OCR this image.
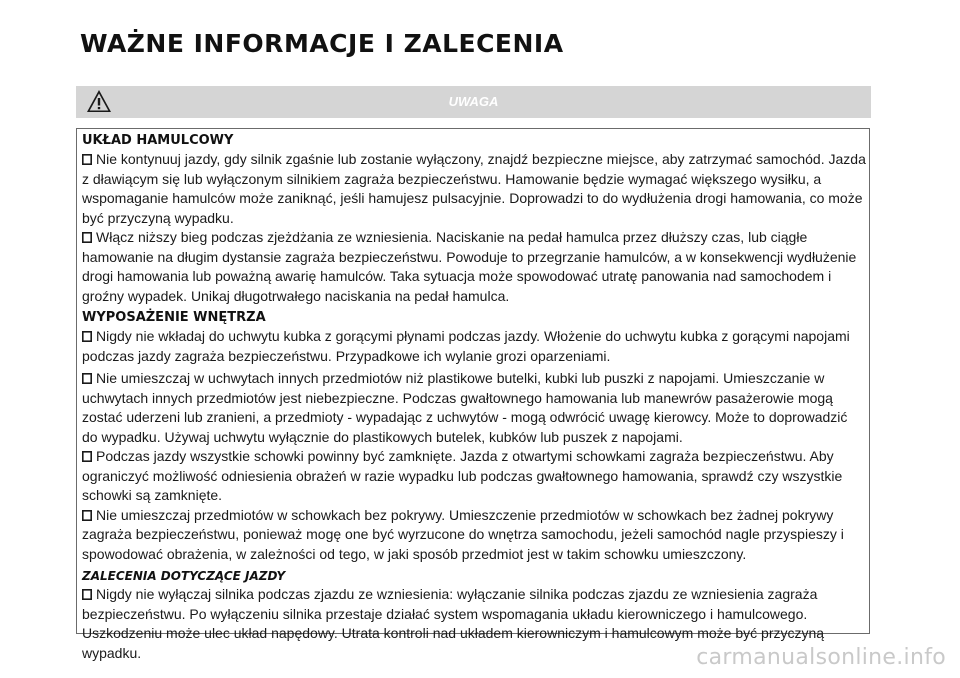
WAŻNE INFORMACJE I ZALECENIA
UWAGA

UKŁAD HAMULCOWY

Nie kontynuuj jazdy, gdy silnik zgaśnie lub zostanie wyłączony, znajdź bezpieczne miejsce, aby zatrzymać samochód. Jazda z dławiącym się lub wyłączonym silnikiem zagraża bezpieczeństwu. Hamowanie będzie wymagać większego wysiłku, a wspomaganie hamulców może zaniknąć, jeśli hamujesz pulsacyjnie. Doprowadzi to do wydłużenia drogi hamowania, co może być przyczyną wypadku.

Włącz niższy bieg podczas zjeżdżania ze wzniesienia. Naciskanie na pedał hamulca przez dłuższy czas, lub ciągłe hamowanie na długim dystansie zagraża bezpieczeństwu. Powoduje to przegrzanie hamulców, a w konsekwencji wydłużenie drogi hamowania lub poważną awarię hamulców. Taka sytuacja może spowodować utratę panowania nad samochodem i groźny wypadek. Unikaj długotrwałego naciskania na pedał hamulca.

WYPOSAŻENIE WNĘTRZA

Nigdy nie wkładaj do uchwytu kubka z gorącymi płynami podczas jazdy. Włożenie do uchwytu kubka z gorącymi napojami podczas jazdy zagraża bezpieczeństwu. Przypadkowe ich wylanie grozi oparzeniami.

Nie umieszczaj w uchwytach innych przedmiotów niż plastikowe butelki, kubki lub puszki z napojami. Umieszczanie w uchwytach innych przedmiotów jest niebezpieczne. Podczas gwałtownego hamowania lub manewrów pasażerowie mogą zostać uderzeni lub zranieni, a przedmioty - wypadając z uchwytów - mogą odwrócić uwagę kierowcy. Może to doprowadzić do wypadku. Używaj uchwytu wyłącznie do plastikowych butelek, kubków lub puszek z napojami.

Podczas jazdy wszystkie schowki powinny być zamknięte. Jazda z otwartymi schowkami zagraża bezpieczeństwu. Aby ograniczyć możliwość odniesienia obrażeń w razie wypadku lub podczas gwałtownego hamowania, sprawdź czy wszystkie schowki są zamknięte.

Nie umieszczaj przedmiotów w schowkach bez pokrywy. Umieszczenie przedmiotów w schowkach bez żadnej pokrywy zagraża bezpieczeństwu, ponieważ mogę one być wyrzucone do wnętrza samochodu, jeżeli samochód nagle przyspieszy i spowodować obrażenia, w zależności od tego, w jaki sposób przedmiot jest w takim schowku umieszczony.

ZALECENIA DOTYCZĄCE JAZDY

Nigdy nie wyłączaj silnika podczas zjazdu ze wzniesienia: wyłączanie silnika podczas zjazdu ze wzniesienia zagraża bezpieczeństwu. Po wyłączeniu silnika przestaje działać system wspomagania układu kierowniczego i hamulcowego. Uszkodzeniu może ulec układ napędowy. Utrata kontroli nad układem kierowniczym i hamulcowym może być przyczyną wypadku.	carmanualsonline.info
